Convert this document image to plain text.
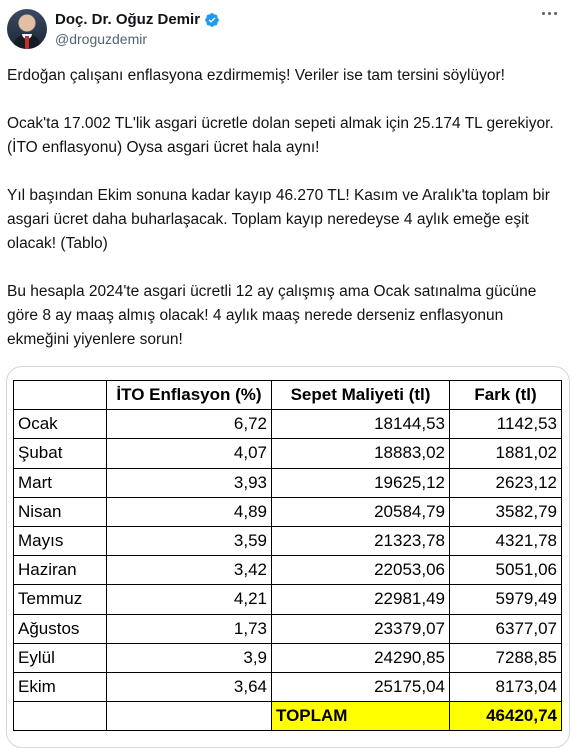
Doç. Dr. Oğuz Demir
@droguzdemir

Erdoğan çalışanı enflasyona ezdirmemiş! Veriler ise tam tersini söylüyor!

Ocak'ta 17.002 TL'lik asgari ücretle dolan sepeti almak için 25.174 TL gerekiyor. (İTO enflasyonu) Oysa asgari ücret hala aynı!

Yıl başından Ekim sonuna kadar kayıp 46.270 TL! Kasım ve Aralık'ta toplam bir asgari ücret daha buharlaşacak. Toplam kayıp neredeyse 4 aylık emeğe eşit olacak! (Tablo)

Bu hesapla 2024'te asgari ücretli 12 ay çalışmış ama Ocak satınalma gücüne göre 8 ay maaş almış olacak! 4 aylık maaş nerede derseniz enflasyonun ekmeğini yiyenlere sorun!

	İTO Enflasyon (%)	Sepet Maliyeti (tl)	Fark (tl)
Ocak	6,72	18144,53	1142,53
Şubat	4,07	18883,02	1881,02
Mart	3,93	19625,12	2623,12
Nisan	4,89	20584,79	3582,79
Mayıs	3,59	21323,78	4321,78
Haziran	3,42	22053,06	5051,06
Temmuz	4,21	22981,49	5979,49
Ağustos	1,73	23379,07	6377,07
Eylül	3,9	24290,85	7288,85
Ekim	3,64	25175,04	8173,04
		TOPLAM	46420,74
